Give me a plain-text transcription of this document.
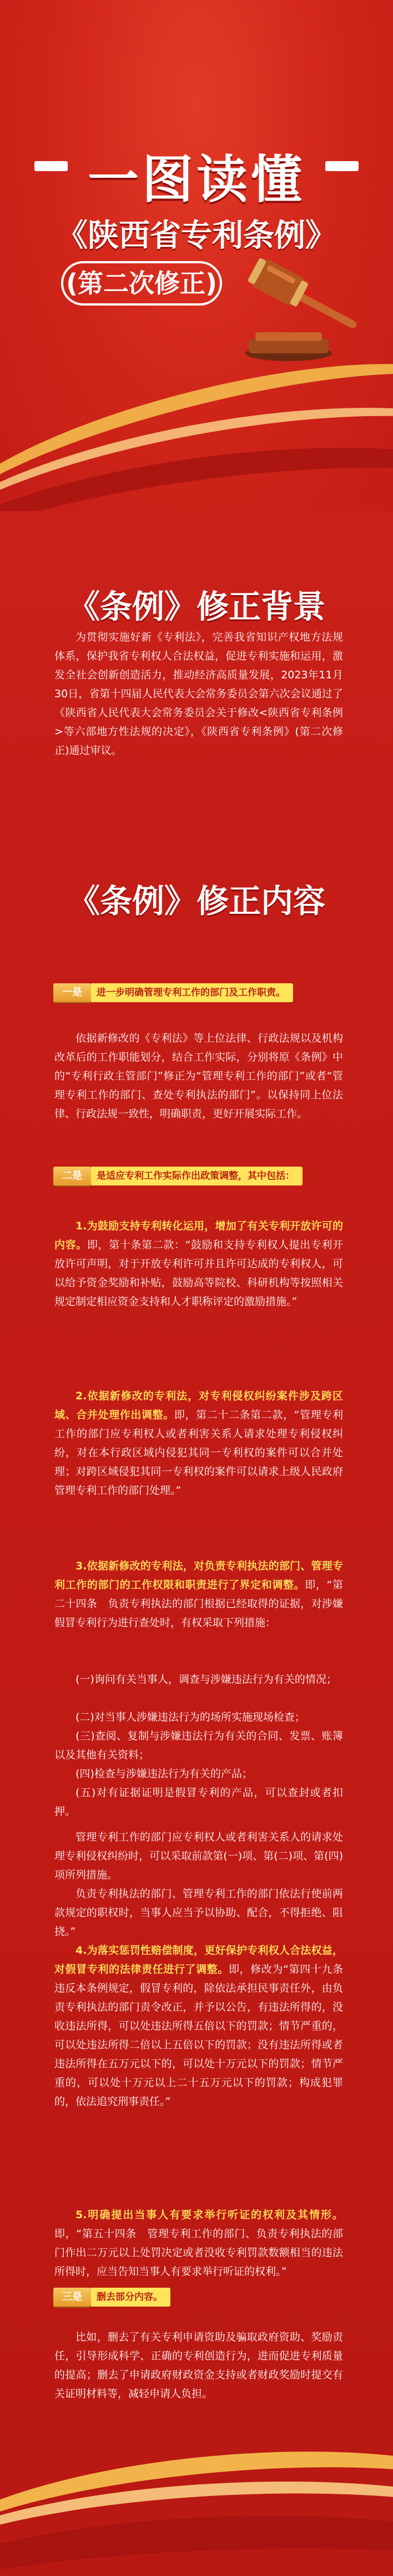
一图读懂
《陕西省专利条例》
(第二次修正)
《条例》修正背景
为贯彻实施好新《专利法》，完善我省知识产权地方法规体系，保护我省专利权人合法权益，促进专利实施和运用，激发全社会创新创造活力，推动经济高质量发展，2023年11月30日，省第十四届人民代表大会常务委员会第六次会议通过了《陕西省人民代表大会常务委员会关于修改<陕西省专利条例>等六部地方性法规的决定》，《陕西省专利条例》(第二次修正)通过审议。
《条例》修正内容
一是	进一步明确管理专利工作的部门及工作职责。
依据新修改的《专利法》等上位法律、行政法规以及机构改革后的工作职能划分，结合工作实际，分别将原《条例》中的“专利行政主管部门”修正为“管理专利工作的部门”或者“管理专利工作的部门、查处专利执法的部门”。以保持同上位法律、行政法规一致性，明确职责，更好开展实际工作。
二是	是适应专利工作实际作出政策调整，其中包括：
1.为鼓励支持专利转化运用，增加了有关专利开放许可的内容。即，第十条第二款：“鼓励和支持专利权人提出专利开放许可声明，对于开放专利许可并且许可达成的专利权人，可以给予资金奖励和补贴，鼓励高等院校、科研机构等按照相关规定制定相应资金支持和人才职称评定的激励措施。”
2.依据新修改的专利法，对专利侵权纠纷案件涉及跨区域、合并处理作出调整。即，第二十二条第二款，“管理专利工作的部门应专利权人或者利害关系人请求处理专利侵权纠纷，对在本行政区域内侵犯其同一专利权的案件可以合并处理；对跨区域侵犯其同一专利权的案件可以请求上级人民政府管理专利工作的部门处理。”
3.依据新修改的专利法，对负责专利执法的部门、管理专利工作的部门的工作权限和职责进行了界定和调整。即，“第二十四条　负责专利执法的部门根据已经取得的证据，对涉嫌假冒专利行为进行查处时，有权采取下列措施：
(一)询问有关当事人，调查与涉嫌违法行为有关的情况；
(二)对当事人涉嫌违法行为的场所实施现场检查；
(三)查阅、复制与涉嫌违法行为有关的合同、发票、账簿以及其他有关资料；
(四)检查与涉嫌违法行为有关的产品；
(五)对有证据证明是假冒专利的产品，可以查封或者扣押。
管理专利工作的部门应专利权人或者利害关系人的请求处理专利侵权纠纷时，可以采取前款第(一)项、第(二)项、第(四)项所列措施。
负责专利执法的部门、管理专利工作的部门依法行使前两款规定的职权时，当事人应当予以协助、配合，不得拒绝、阻挠。”
4.为落实惩罚性赔偿制度，更好保护专利权人合法权益，对假冒专利的法律责任进行了调整。即，修改为“第四十九条　违反本条例规定，假冒专利的，除依法承担民事责任外，由负责专利执法的部门责令改正，并予以公告，有违法所得的，没收违法所得，可以处违法所得五倍以下的罚款；情节严重的，可以处违法所得二倍以上五倍以下的罚款；没有违法所得或者违法所得在五万元以下的，可以处十万元以下的罚款；情节严重的，可以处十万元以上二十五万元以下的罚款；构成犯罪的，依法追究刑事责任。”
5.明确提出当事人有要求举行听证的权利及其情形。即，“第五十四条　管理专利工作的部门、负责专利执法的部门作出二万元以上处罚决定或者没收专利罚款数额相当的违法所得时，应当告知当事人有要求举行听证的权利。”
三是	删去部分内容。
比如，删去了有关专利申请资助及骗取政府资助、奖励责任，引导形成科学、正确的专利创造行为，进而促进专利质量的提高；删去了申请政府财政资金支持或者财政奖励时提交有关证明材料等，减轻申请人负担。
